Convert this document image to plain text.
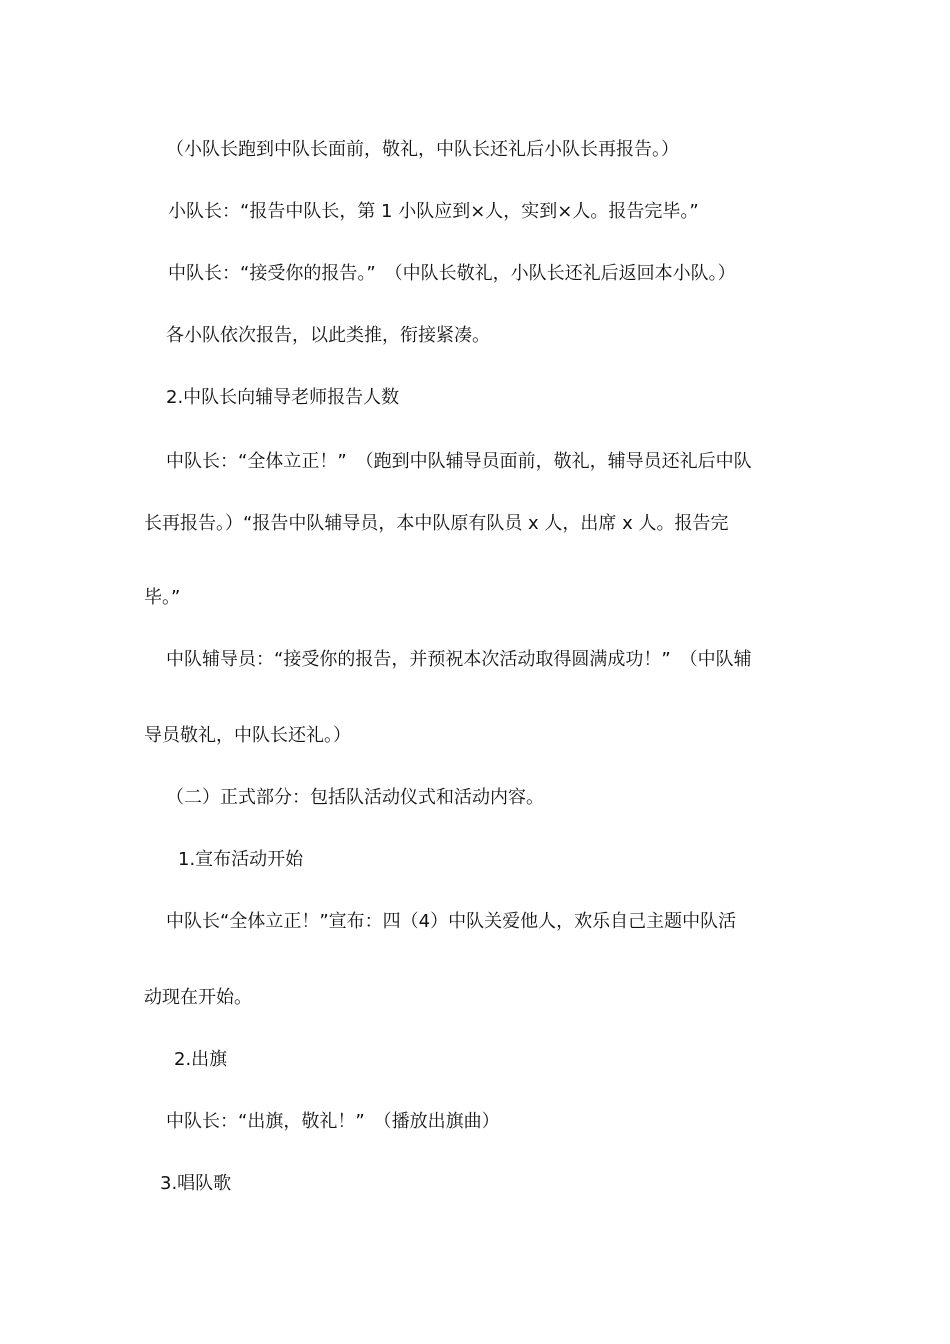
（小队长跑到中队长面前，敬礼，中队长还礼后小队长再报告。）
小队长：“报告中队长，第 1 小队应到×人，实到×人。报告完毕。”
中队长：“接受你的报告。”　（中队长敬礼，小队长还礼后返回本小队。）
各小队依次报告，以此类推，衔接紧凑。
2.中队长向辅导老师报告人数
中队长：“全体立正！”　（跑到中队辅导员面前，敬礼，辅导员还礼后中队
长再报告。）“报告中队辅导员，本中队原有队员 x 人，出席 x 人。报告完
毕。”
中队辅导员：“接受你的报告，并预祝本次活动取得圆满成功！”　（中队辅
导员敬礼，中队长还礼。）
（二）正式部分：包括队活动仪式和活动内容。
1.宣布活动开始
中队长“全体立正！”宣布：四（4）中队关爱他人，欢乐自己主题中队活
动现在开始。
2.出旗
中队长：“出旗，敬礼！”　（播放出旗曲）
3.唱队歌
